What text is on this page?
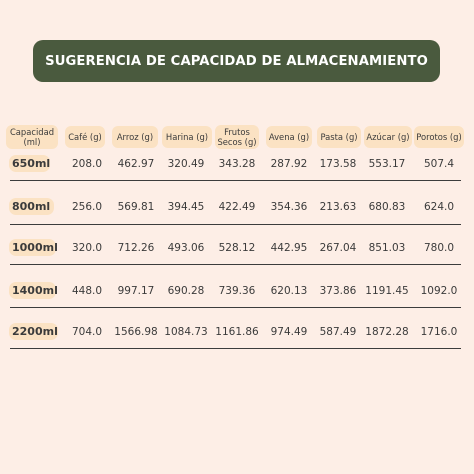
SUGERENCIA DE CAPACIDAD DE ALMACENAMIENTO
Capacidad (ml)	Café (g)	Arroz (g)	Harina (g)	Frutos Secos (g)	Avena (g)	Pasta (g)	Azúcar (g) Porotos (g)
650ml	208.0	462.97	320.49	343.28	287.92	173.58	553.17	507.4
800ml	256.0	569.81	394.45	422.49	354.36	213.63	680.83	624.0
1000ml	320.0	712.26	493.06	528.12	442.95	267.04	851.03	780.0
1400ml	448.0	997.17	690.28	739.36	620.13	373.86 1191.45	1092.0
2200ml	704.0	1566.98 1084.73 1161.86	974.49	587.49 1872.28	1716.0
